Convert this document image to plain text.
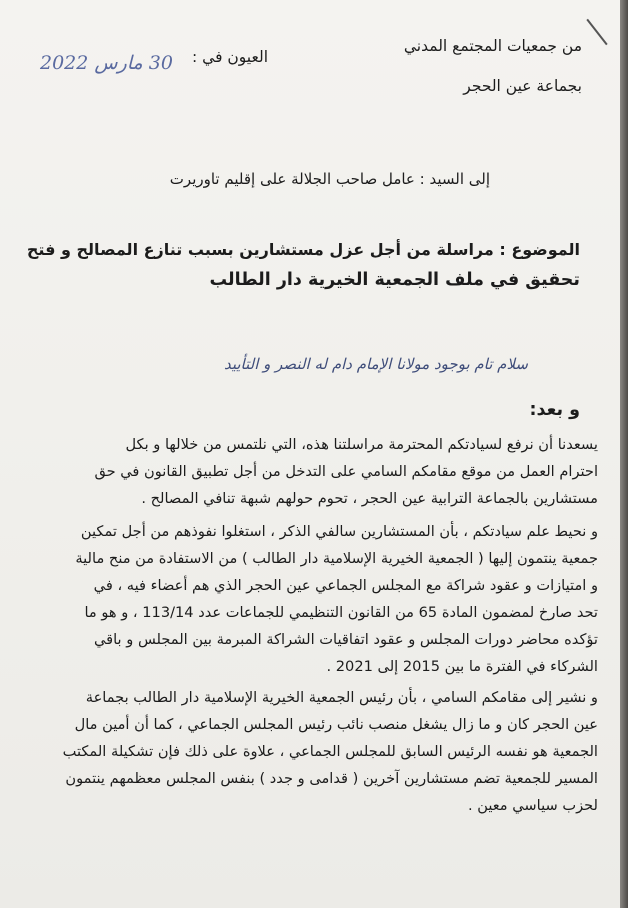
من جمعيات المجتمع المدني
بجماعة عين الحجر
العيون في :
30 مارس 2022
إلى السيد : عامل صاحب الجلالة على إقليم تاوريرت
الموضوع : مراسلة من أجل عزل مستشارين بسبب تنازع المصالح و فتح
تحقيق في ملف الجمعية الخيرية دار الطالب
سلام تام بوجود مولانا الإمام دام له النصر و التأييد
و بعد:
يسعدنا أن نرفع لسيادتكم المحترمة مراسلتنا هذه، التي نلتمس من خلالها و بكل
احترام العمل من موقع مقامكم السامي على التدخل من أجل تطبيق القانون في حق
مستشارين بالجماعة الترابية عين الحجر ، تحوم حولهم شبهة تنافي المصالح .
و نحيط علم سيادتكم ، بأن المستشارين سالفي الذكر ، استغلوا نفوذهم من أجل تمكين
جمعية ينتمون إليها ( الجمعية الخيرية الإسلامية دار الطالب ) من الاستفادة من منح مالية
و امتيازات و عقود شراكة مع المجلس الجماعي عين الحجر الذي هم أعضاء فيه ، في
تحد صارخ لمضمون المادة 65 من القانون التنظيمي للجماعات عدد 113/14 ، و هو ما
تؤكده محاضر دورات المجلس و عقود اتفاقيات الشراكة المبرمة بين المجلس و باقي
الشركاء في الفترة ما بين 2015 إلى 2021 .
و نشير إلى مقامكم السامي ، بأن رئيس الجمعية الخيرية الإسلامية دار الطالب بجماعة
عين الحجر كان و ما زال يشغل منصب نائب رئيس المجلس الجماعي ، كما أن أمين مال
الجمعية هو نفسه الرئيس السابق للمجلس الجماعي ، علاوة على ذلك فإن تشكيلة المكتب
المسير للجمعية تضم مستشارين آخرين ( قدامى و جدد ) بنفس المجلس معظمهم ينتمون
لحزب سياسي معين .
